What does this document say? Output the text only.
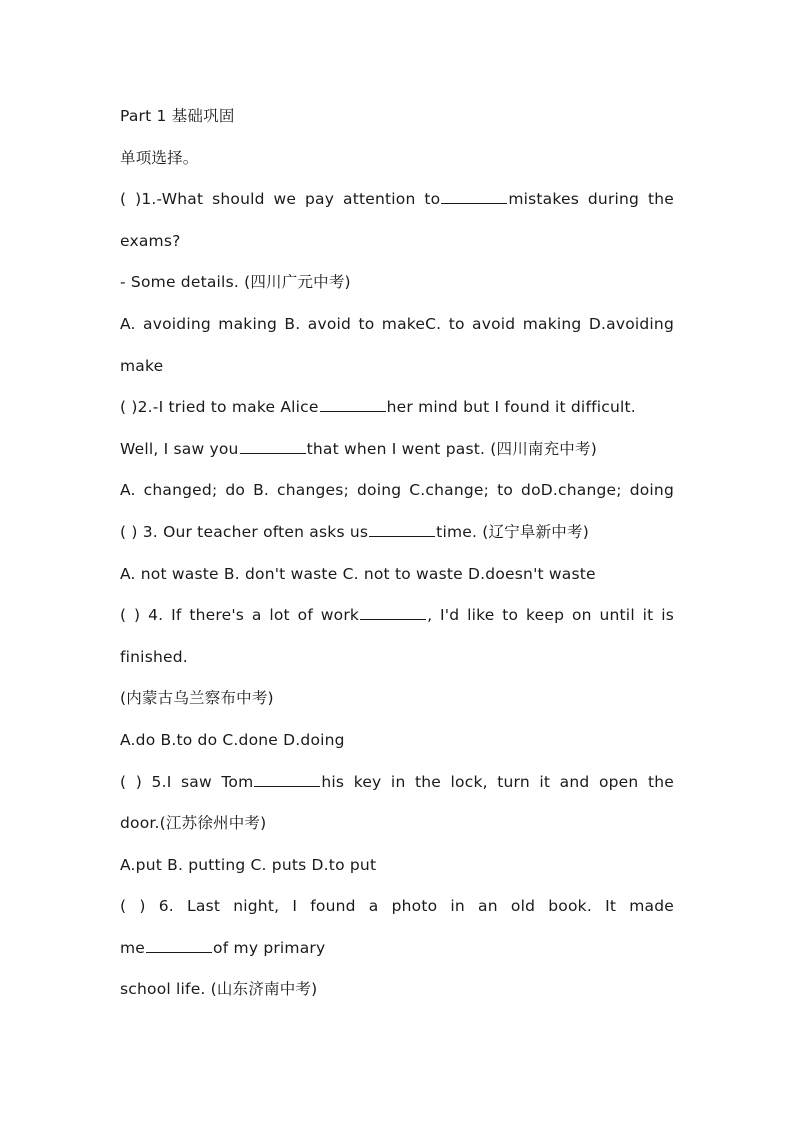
Part 1 基础巩固
单项选择。
( )1.-What should we pay attention to	mistakes during the
exams?
- Some details. (四川广元中考)
A. avoiding making B. avoid to makeC. to avoid making D.avoiding
make
( )2.-I tried to make Alice	her mind but I found it difficult.
Well, I saw you	that when I went past. (四川南充中考)
A. changed; do B. changes; doing C.change; to doD.change; doing
( ) 3. Our teacher often asks us	time. (辽宁阜新中考)
A. not waste B. don't waste C. not to waste D.doesn't waste
( ) 4. If there's a lot of work	, I'd like to keep on until it is
finished.
(内蒙古乌兰察布中考)
A.do B.to do C.done D.doing
( ) 5.I saw Tom	his key in the lock, turn it and open the
door.(江苏徐州中考)
A.put B. putting C. puts D.to put
( ) 6. Last night, I found a photo in an old book. It made
me	of my primary
school life. (山东济南中考)
